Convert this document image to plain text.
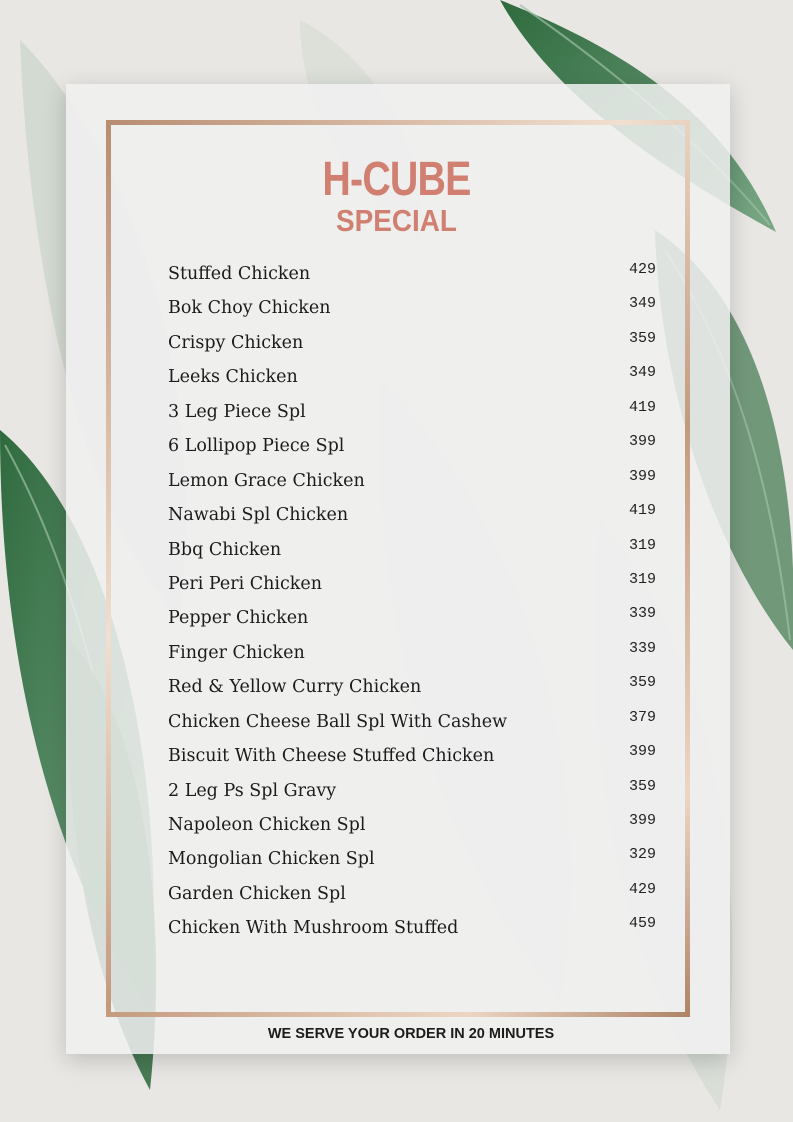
H-CUBE
SPECIAL
Stuffed Chicken	429
Bok Choy Chicken	349
Crispy Chicken	359
Leeks Chicken	349
3 Leg Piece Spl	419
6 Lollipop Piece Spl	399
Lemon Grace Chicken	399
Nawabi Spl Chicken	419
Bbq Chicken	319
Peri Peri Chicken	319
Pepper Chicken	339
Finger Chicken	339
Red & Yellow Curry Chicken	359
Chicken Cheese Ball Spl With Cashew	379
Biscuit With Cheese Stuffed Chicken	399
2 Leg Ps Spl Gravy	359
Napoleon Chicken Spl	399
Mongolian Chicken Spl	329
Garden Chicken Spl	429
Chicken With Mushroom Stuffed	459
WE SERVE YOUR ORDER IN 20 MINUTES
